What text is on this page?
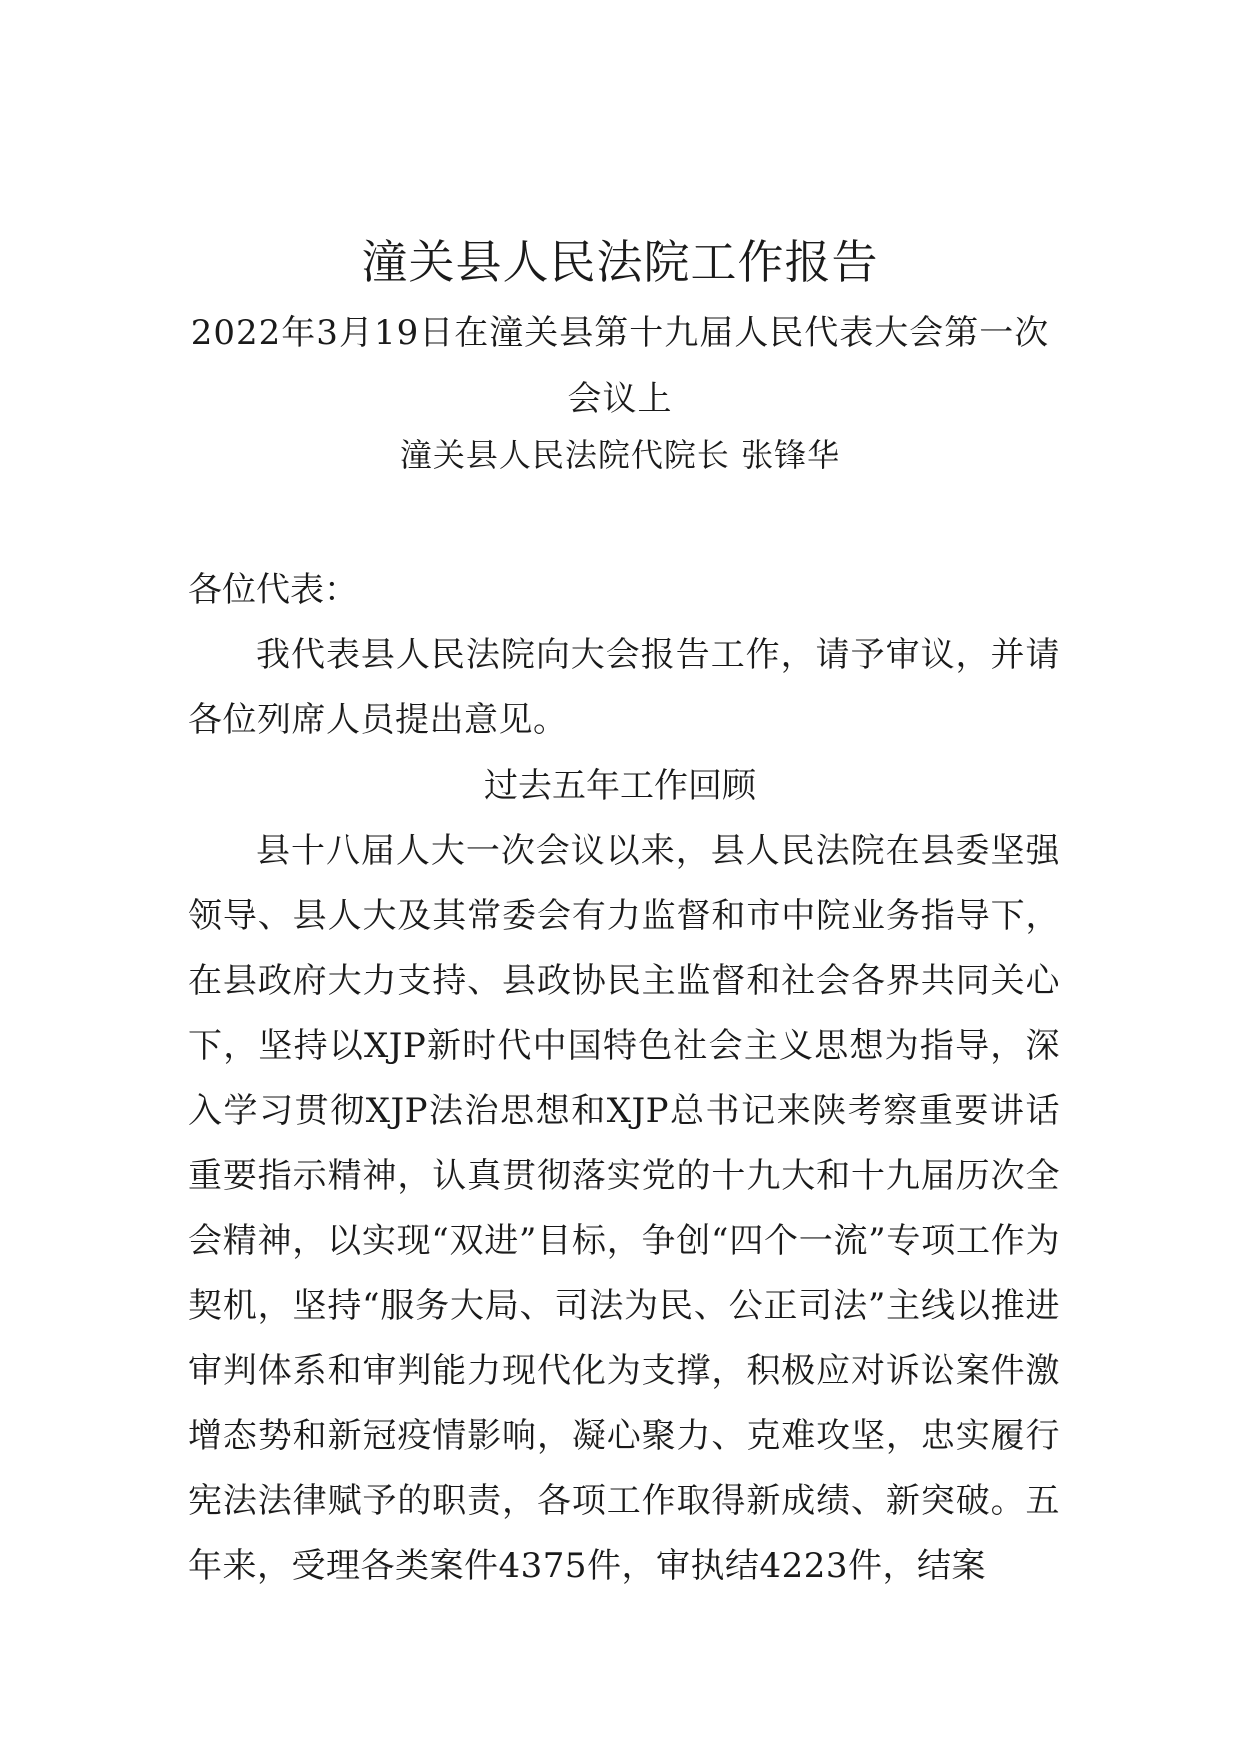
潼关县人民法院工作报告
2022年3月19日在潼关县第十九届人民代表大会第一次会议上
潼关县人民法院代院长 张锋华
各位代表：
我代表县人民法院向大会报告工作，请予审议，并请各位列席人员提出意见。
过去五年工作回顾
县十八届人大一次会议以来，县人民法院在县委坚强领导、县人大及其常委会有力监督和市中院业务指导下，在县政府大力支持、县政协民主监督和社会各界共同关心下，坚持以XJP新时代中国特色社会主义思想为指导，深入学习贯彻XJP法治思想和XJP总书记来陕考察重要讲话重要指示精神，认真贯彻落实党的十九大和十九届历次全会精神，以实现“双进”目标，争创“四个一流”专项工作为契机，坚持“服务大局、司法为民、公正司法”主线以推进审判体系和审判能力现代化为支撑，积极应对诉讼案件激增态势和新冠疫情影响，凝心聚力、克难攻坚，忠实履行宪法法律赋予的职责，各项工作取得新成绩、新突破。五年来，受理各类案件4375件，审执结4223件，结案
